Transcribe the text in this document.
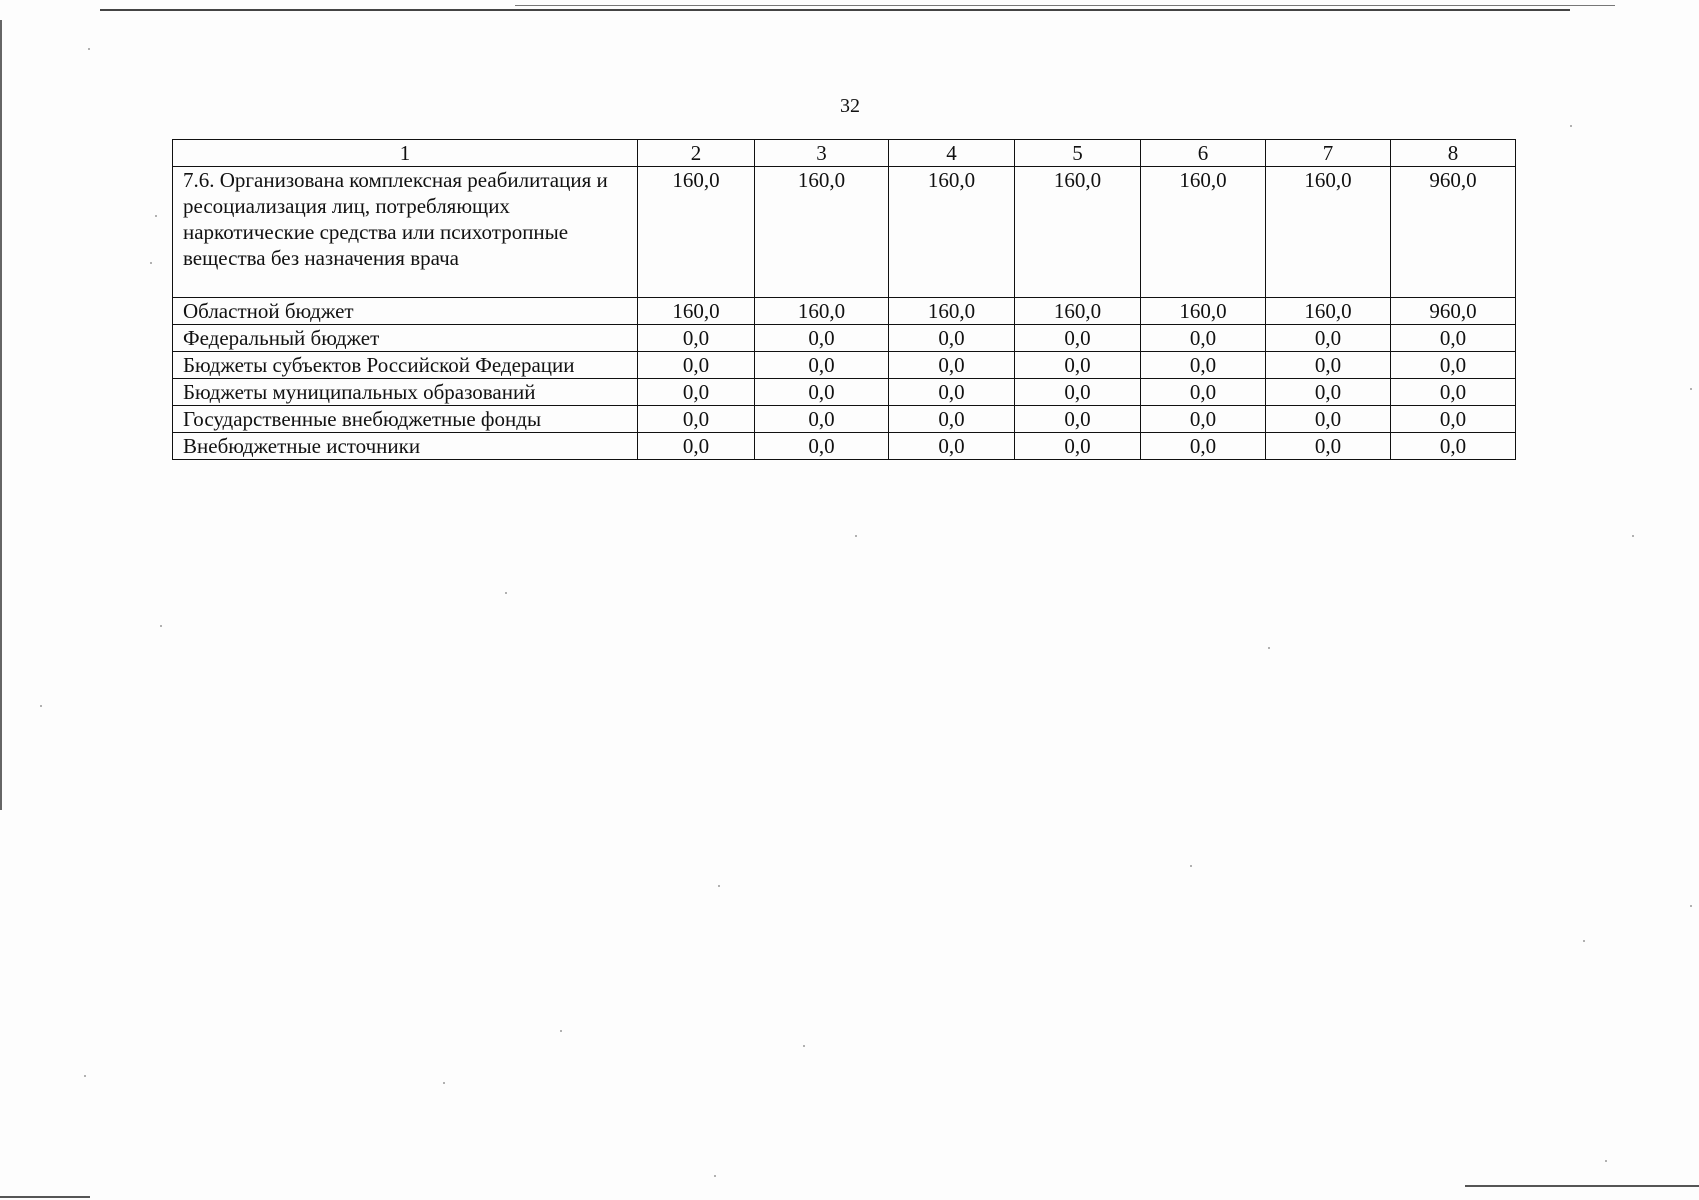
32
1	2	3	4	5	6	7	8
7.6. Организована комплексная реабилитация и ресоциализация лиц, потребляющих наркотические средства или психотропные вещества без назначения врача	160,0	160,0	160,0	160,0	160,0	160,0	960,0
Областной бюджет	160,0	160,0	160,0	160,0	160,0	160,0	960,0
Федеральный бюджет	0,0	0,0	0,0	0,0	0,0	0,0	0,0
Бюджеты субъектов Российской Федерации	0,0	0,0	0,0	0,0	0,0	0,0	0,0
Бюджеты муниципальных образований	0,0	0,0	0,0	0,0	0,0	0,0	0,0
Государственные внебюджетные фонды	0,0	0,0	0,0	0,0	0,0	0,0	0,0
Внебюджетные источники	0,0	0,0	0,0	0,0	0,0	0,0	0,0
